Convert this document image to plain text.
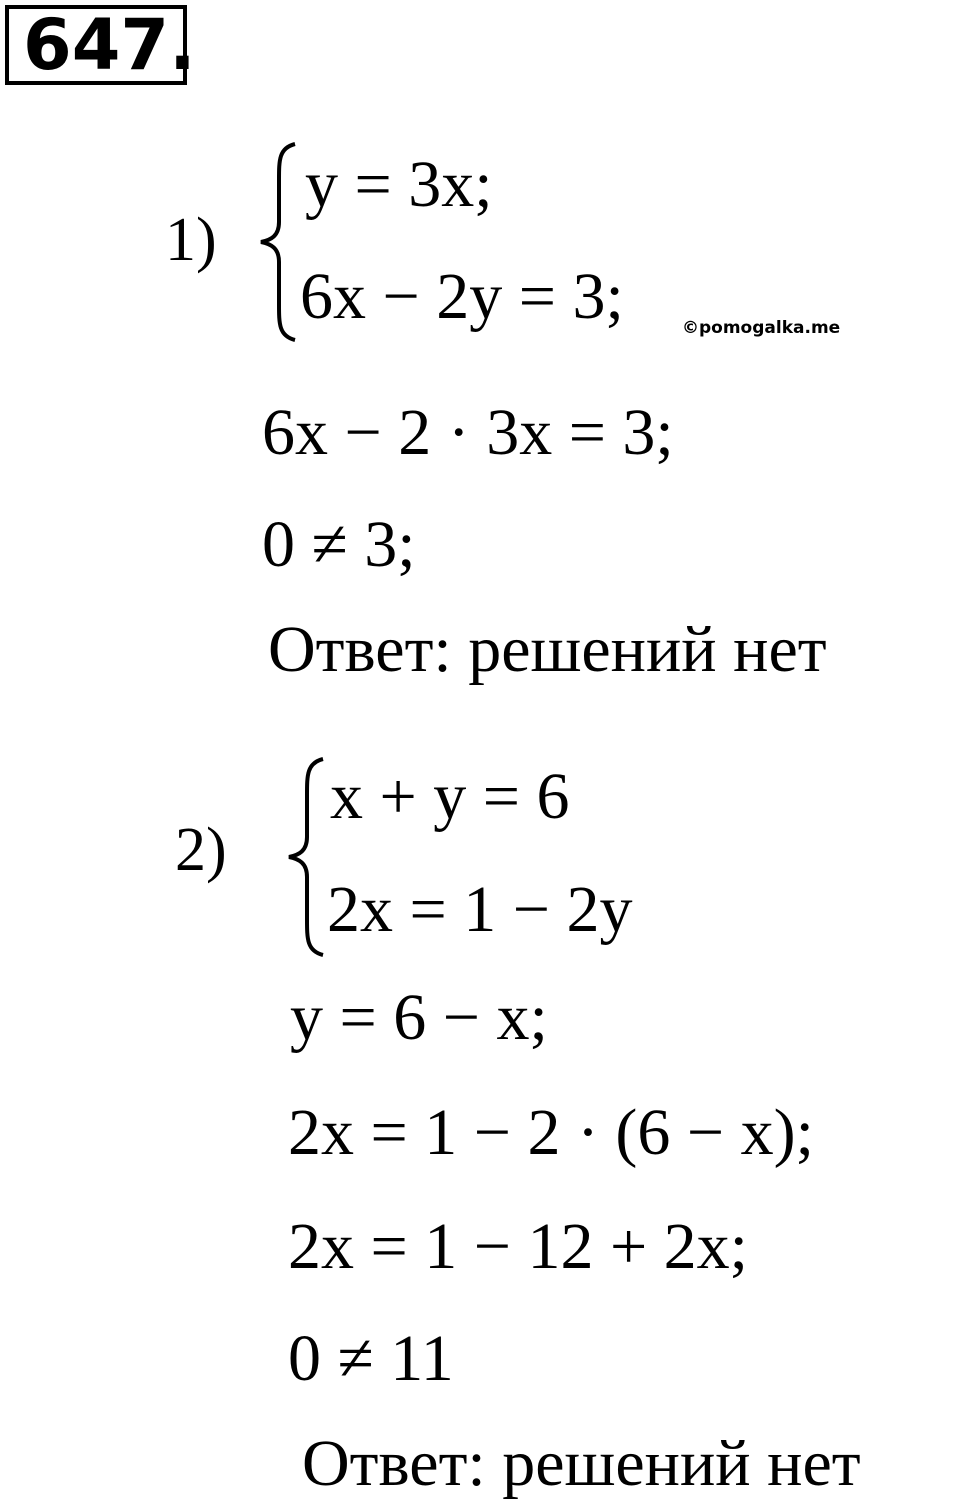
647.
1)
y = 3x;
6x − 2y = 3;	©pomogalka.me
6x − 2 · 3x = 3;
0 ≠ 3;
Ответ: решений нет
2)
x + y = 6
2x = 1 − 2y
y = 6 − x;
2x = 1 − 2 · (6 − x);
2x = 1 − 12 + 2x;
0 ≠ 11
Ответ: решений нет
